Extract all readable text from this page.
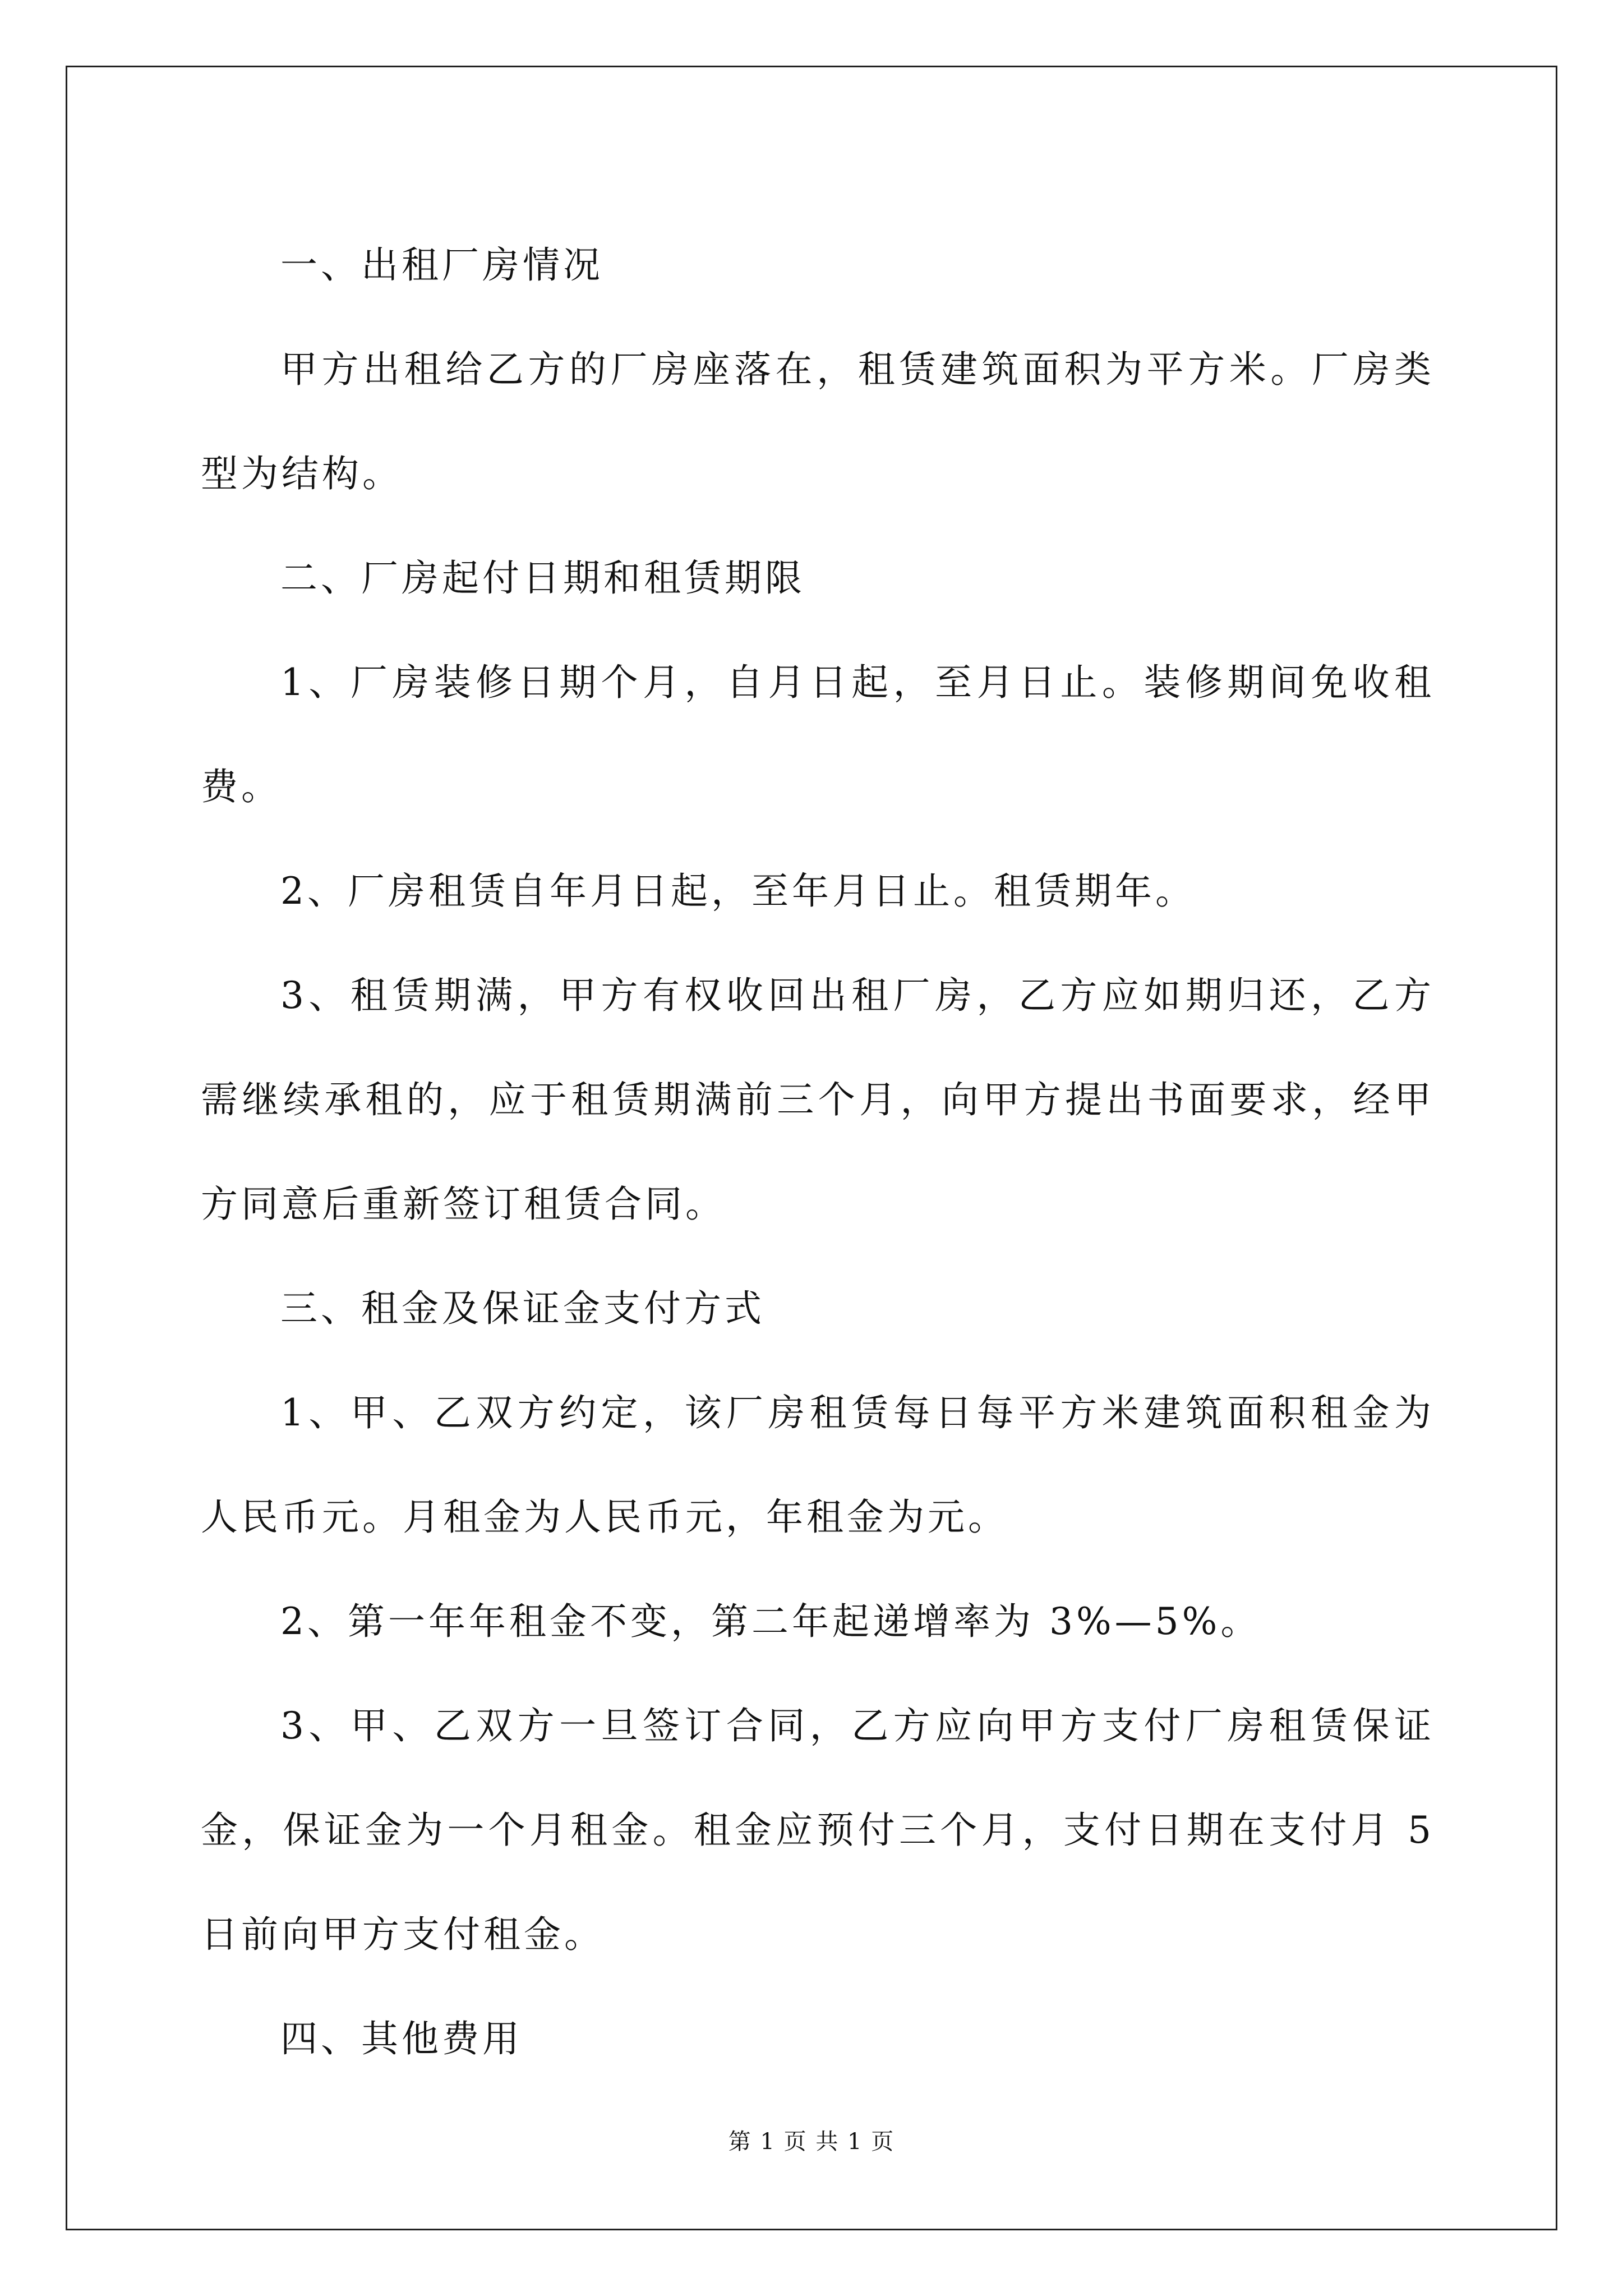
一、出租厂房情况

甲方出租给乙方的厂房座落在，租赁建筑面积为平方米。厂房类型为结构。

二、厂房起付日期和租赁期限

1、厂房装修日期个月，自月日起，至月日止。装修期间免收租费。

2、厂房租赁自年月日起，至年月日止。租赁期年。

3、租赁期满，甲方有权收回出租厂房，乙方应如期归还，乙方需继续承租的，应于租赁期满前三个月，向甲方提出书面要求，经甲方同意后重新签订租赁合同。

三、租金及保证金支付方式

1、甲、乙双方约定，该厂房租赁每日每平方米建筑面积租金为人民币元。月租金为人民币元，年租金为元。

2、第一年年租金不变，第二年起递增率为 3%—5%。

3、甲、乙双方一旦签订合同，乙方应向甲方支付厂房租赁保证金，保证金为一个月租金。租金应预付三个月，支付日期在支付月 5 日前向甲方支付租金。

四、其他费用

第 1 页 共 1 页
